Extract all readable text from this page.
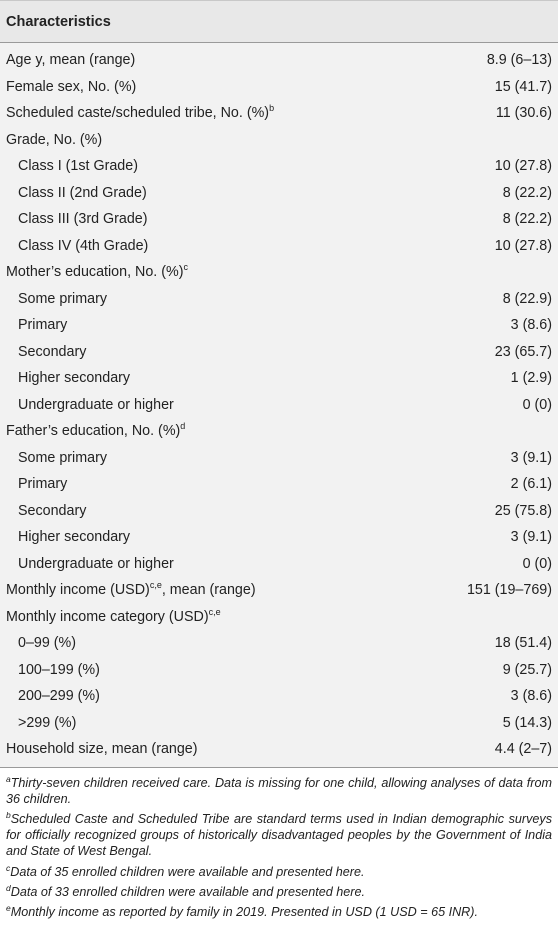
Characteristics
Age y, mean (range)	8.9 (6–13)
Female sex, No. (%)	15 (41.7)
Scheduled caste/scheduled tribe, No. (%)$^b$	11 (30.6)
Grade, No. (%)
Class I (1st Grade)	10 (27.8)
Class II (2nd Grade)	8 (22.2)
Class III (3rd Grade)	8 (22.2)
Class IV (4th Grade)	10 (27.8)
Mother’s education, No. (%)$^c$
Some primary	8 (22.9)
Primary	3 (8.6)
Secondary	23 (65.7)
Higher secondary	1 (2.9)
Undergraduate or higher	0 (0)
Father’s education, No. (%)$^d$
Some primary	3 (9.1)
Primary	2 (6.1)
Secondary	25 (75.8)
Higher secondary	3 (9.1)
Undergraduate or higher	0 (0)
Monthly income (USD)$^{c,e}$, mean (range)	151 (19–769)
Monthly income category (USD)$^{c,e}$
0–99 (%)	18 (51.4)
100–199 (%)	9 (25.7)
200–299 (%)	3 (8.6)
>299 (%)	5 (14.3)
Household size, mean (range)	4.4 (2–7)
$^a$Thirty-seven children received care. Data is missing for one child, allowing analyses of data from 36 children.
$^b$Scheduled Caste and Scheduled Tribe are standard terms used in Indian demographic surveys for officially recognized groups of historically disadvantaged peoples by the Government of India and State of West Bengal.
$^c$Data of 35 enrolled children were available and presented here.
$^d$Data of 33 enrolled children were available and presented here.
$^e$Monthly income as reported by family in 2019. Presented in USD (1 USD = 65 INR).
